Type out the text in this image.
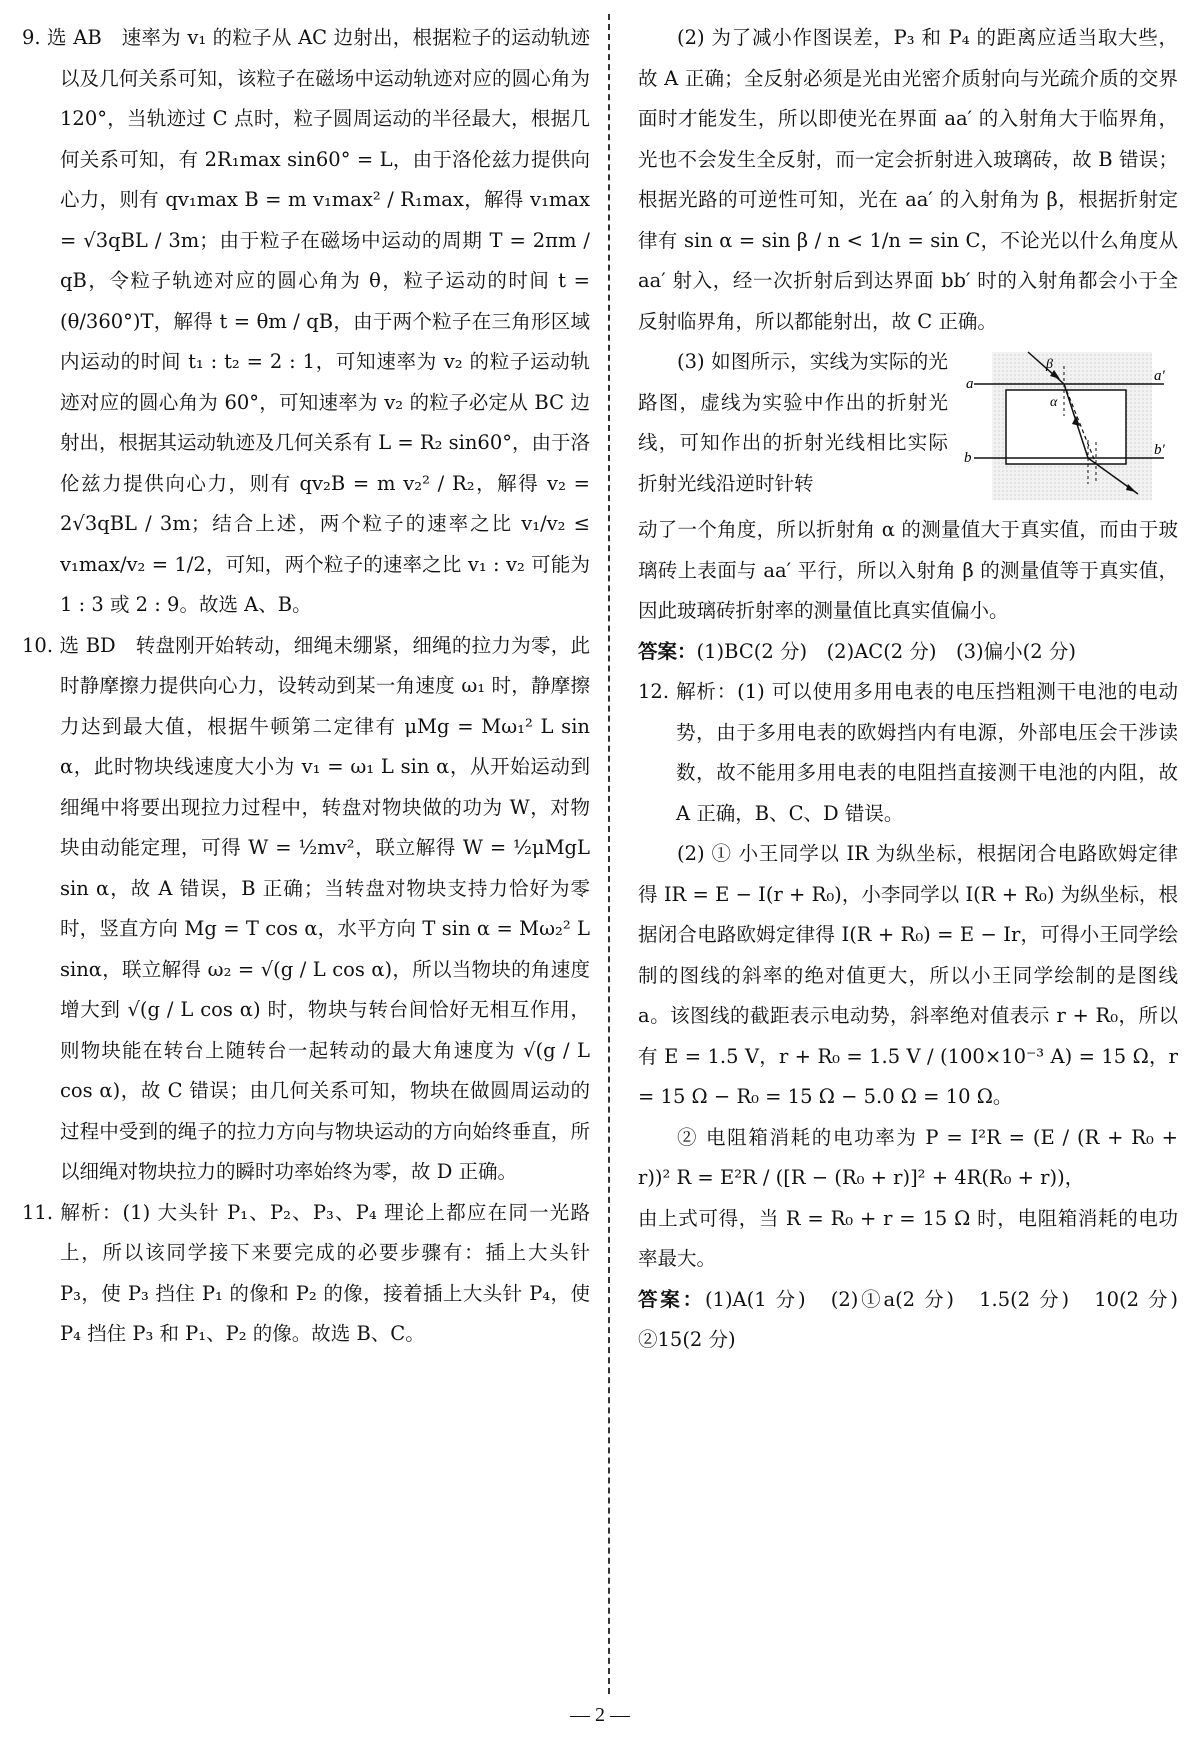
9. 选 AB　速率为 v₁ 的粒子从 AC 边射出，根据粒子的运动轨迹以及几何关系可知，该粒子在磁场中运动轨迹对应的圆心角为 120°，当轨迹过 C 点时，粒子圆周运动的半径最大，根据几何关系可知，有 2R₁max sin60° = L，由于洛伦兹力提供向心力，则有 qv₁max B = m v₁max² / R₁max，解得 v₁max = √3qBL / 3m；由于粒子在磁场中运动的周期 T = 2πm / qB，令粒子轨迹对应的圆心角为 θ，粒子运动的时间 t = (θ/360°)T，解得 t = θm / qB，由于两个粒子在三角形区域内运动的时间 t₁ : t₂ = 2 : 1，可知速率为 v₂ 的粒子运动轨迹对应的圆心角为 60°，可知速率为 v₂ 的粒子必定从 BC 边射出，根据其运动轨迹及几何关系有 L = R₂ sin60°，由于洛伦兹力提供向心力，则有 qv₂B = m v₂² / R₂，解得 v₂ = 2√3qBL / 3m；结合上述，两个粒子的速率之比 v₁/v₂ ≤ v₁max/v₂ = 1/2，可知，两个粒子的速率之比 v₁ : v₂ 可能为 1 : 3 或 2 : 9。故选 A、B。

10. 选 BD　转盘刚开始转动，细绳未绷紧，细绳的拉力为零，此时静摩擦力提供向心力，设转动到某一角速度 ω₁ 时，静摩擦力达到最大值，根据牛顿第二定律有 μMg = Mω₁² L sin α，此时物块线速度大小为 v₁ = ω₁ L sin α，从开始运动到细绳中将要出现拉力过程中，转盘对物块做的功为 W，对物块由动能定理，可得 W = ½mv²，联立解得 W = ½μMgL sin α，故 A 错误，B 正确；当转盘对物块支持力恰好为零时，竖直方向 Mg = T cos α，水平方向 T sin α = Mω₂² L sinα，联立解得 ω₂ = √(g / L cos α)，所以当物块的角速度增大到 √(g / L cos α) 时，物块与转台间恰好无相互作用，则物块能在转台上随转台一起转动的最大角速度为 √(g / L cos α)，故 C 错误；由几何关系可知，物块在做圆周运动的过程中受到的绳子的拉力方向与物块运动的方向始终垂直，所以细绳对物块拉力的瞬时功率始终为零，故 D 正确。

11. 解析：(1) 大头针 P₁、P₂、P₃、P₄ 理论上都应在同一光路上，所以该同学接下来要完成的必要步骤有：插上大头针 P₃，使 P₃ 挡住 P₁ 的像和 P₂ 的像，接着插上大头针 P₄，使 P₄ 挡住 P₃ 和 P₁、P₂ 的像。故选 B、C。

(2) 为了减小作图误差，P₃ 和 P₄ 的距离应适当取大些，故 A 正确；全反射必须是光由光密介质射向与光疏介质的交界面时才能发生，所以即使光在界面 aa′ 的入射角大于临界角，光也不会发生全反射，而一定会折射进入玻璃砖，故 B 错误；根据光路的可逆性可知，光在 aa′ 的入射角为 β，根据折射定律有 sin α = sin β / n < 1/n = sin C，不论光以什么角度从 aa′ 射入，经一次折射后到达界面 bb′ 时的入射角都会小于全反射临界角，所以都能射出，故 C 正确。

a	a′
b	b′
β
α

(3) 如图所示，实线为实际的光路图，虚线为实验中作出的折射光线，可知作出的折射光线相比实际折射光线沿逆时针转

动了一个角度，所以折射角 α 的测量值大于真实值，而由于玻璃砖上表面与 aa′ 平行，所以入射角 β 的测量值等于真实值，因此玻璃砖折射率的测量值比真实值偏小。

答案：(1)BC(2 分)　(2)AC(2 分)　(3)偏小(2 分)

12. 解析：(1) 可以使用多用电表的电压挡粗测干电池的电动势，由于多用电表的欧姆挡内有电源，外部电压会干涉读数，故不能用多用电表的电阻挡直接测干电池的内阻，故 A 正确，B、C、D 错误。

(2) ① 小王同学以 IR 为纵坐标，根据闭合电路欧姆定律得 IR = E − I(r + R₀)，小李同学以 I(R + R₀) 为纵坐标，根据闭合电路欧姆定律得 I(R + R₀) = E − Ir，可得小王同学绘制的图线的斜率的绝对值更大，所以小王同学绘制的是图线 a。该图线的截距表示电动势，斜率绝对值表示 r + R₀，所以有 E = 1.5 V，r + R₀ = 1.5 V / (100×10⁻³ A) = 15 Ω，r = 15 Ω − R₀ = 15 Ω − 5.0 Ω = 10 Ω。

② 电阻箱消耗的电功率为 P = I²R = (E / (R + R₀ + r))² R = E²R / ([R − (R₀ + r)]² + 4R(R₀ + r))，

由上式可得，当 R = R₀ + r = 15 Ω 时，电阻箱消耗的电功率最大。

答案：(1)A(1 分)　(2)①a(2 分)　1.5(2 分)　10(2 分)　②15(2 分)

— 2 —
